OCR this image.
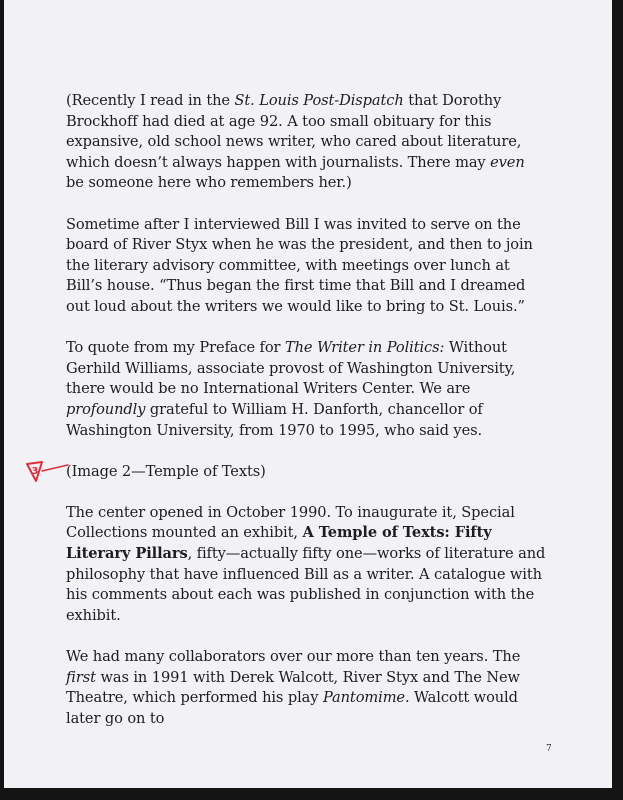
(Recently I read in the St. Louis Post-Dispatch that Dorothy Brockhoff had died at age 92. A too small obituary for this expansive, old school news writer, who cared about literature, which doesn’t always happen with journalists. There may even be someone here who remembers her.)

Sometime after I interviewed Bill I was invited to serve on the board of River Styx when he was the president, and then to join the literary advisory committee, with meetings over lunch at Bill’s house. “Thus began the first time that Bill and I dreamed out loud about the writers we would like to bring to St. Louis.”

To quote from my Preface for The Writer in Politics: Without Gerhild Williams, associate provost of Washington University, there would be no International Writers Center. We are profoundly grateful to William H. Danforth, chancellor of Washington University, from 1970 to 1995, who said yes.

(Image 2—Temple of Texts)

The center opened in October 1990. To inaugurate it, Special Collections mounted an exhibit, A Temple of Texts: Fifty Literary Pillars, fifty—actually fifty one—works of literature and philosophy that have influenced Bill as a writer. A catalogue with his comments about each was published in conjunction with the exhibit.

We had many collaborators over our more than ten years. The first was in 1991 with Derek Walcott, River Styx and The New Theatre, which performed his play Pantomime. Walcott would later go on to

3
7
